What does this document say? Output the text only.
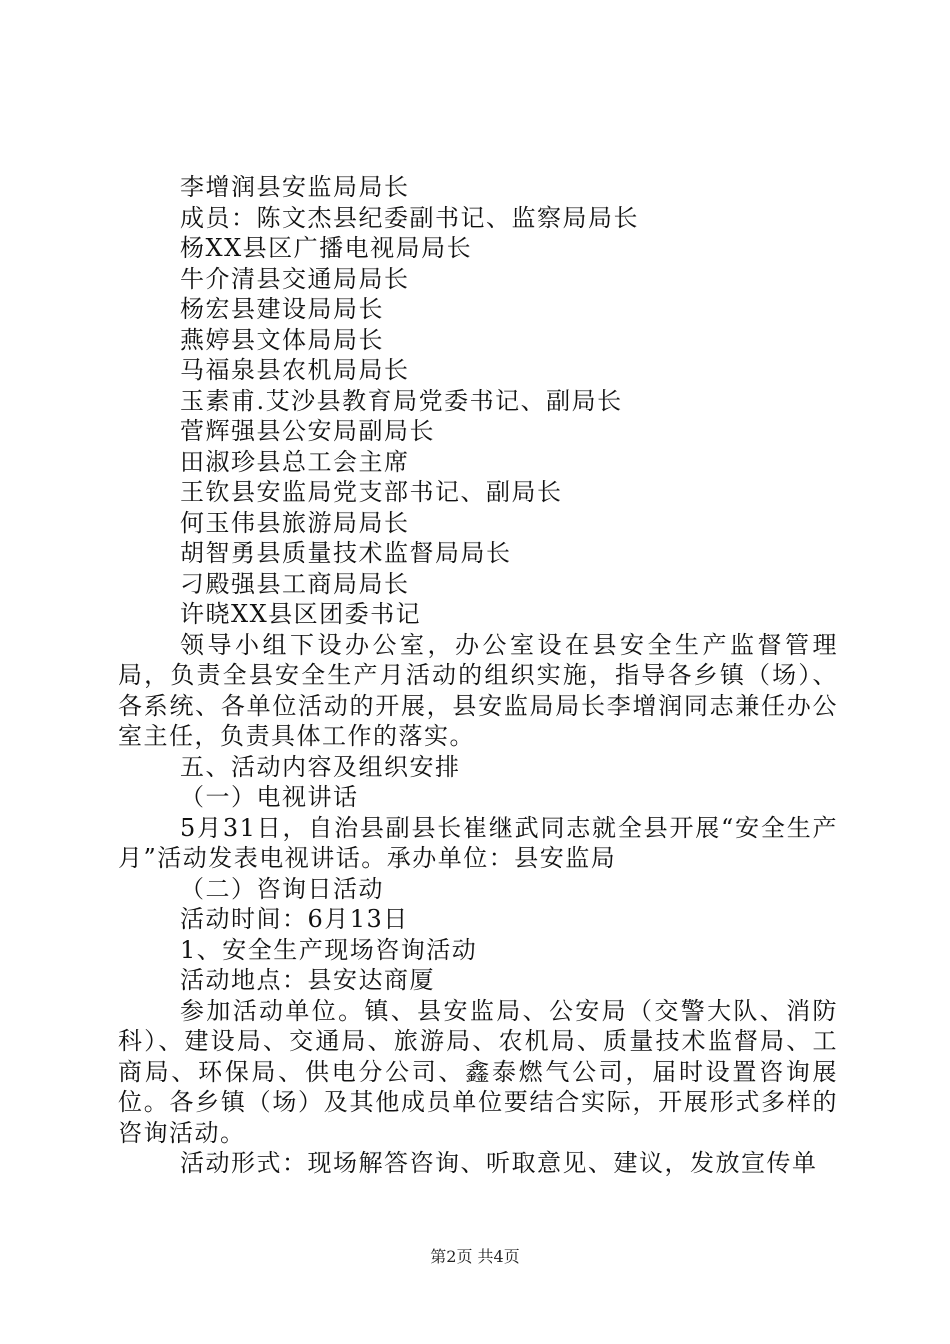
李增润县安监局局长
成员：陈文杰县纪委副书记、监察局局长
杨XX县区广播电视局局长
牛介清县交通局局长
杨宏县建设局局长
燕婷县文体局局长
马福泉县农机局局长
玉素甫.艾沙县教育局党委书记、副局长
菅辉强县公安局副局长
田淑珍县总工会主席
王钦县安监局党支部书记、副局长
何玉伟县旅游局局长
胡智勇县质量技术监督局局长
刁殿强县工商局局长
许晓XX县区团委书记

领导小组下设办公室，办公室设在县安全生产监督管理局，负责全县安全生产月活动的组织实施，指导各乡镇（场）、各系统、各单位活动的开展，县安监局局长李增润同志兼任办公室主任，负责具体工作的落实。

五、活动内容及组织安排
（一）电视讲话

5月31日，自治县副县长崔继武同志就全县开展“安全生产月”活动发表电视讲话。承办单位：县安监局

（二）咨询日活动
活动时间：6月13日
1、安全生产现场咨询活动
活动地点：县安达商厦

参加活动单位。镇、县安监局、公安局（交警大队、消防科）、建设局、交通局、旅游局、农机局、质量技术监督局、工商局、环保局、供电分公司、鑫泰燃气公司，届时设置咨询展位。各乡镇（场）及其他成员单位要结合实际，开展形式多样的咨询活动。

活动形式：现场解答咨询、听取意见、建议，发放宣传单
第2页 共4页
